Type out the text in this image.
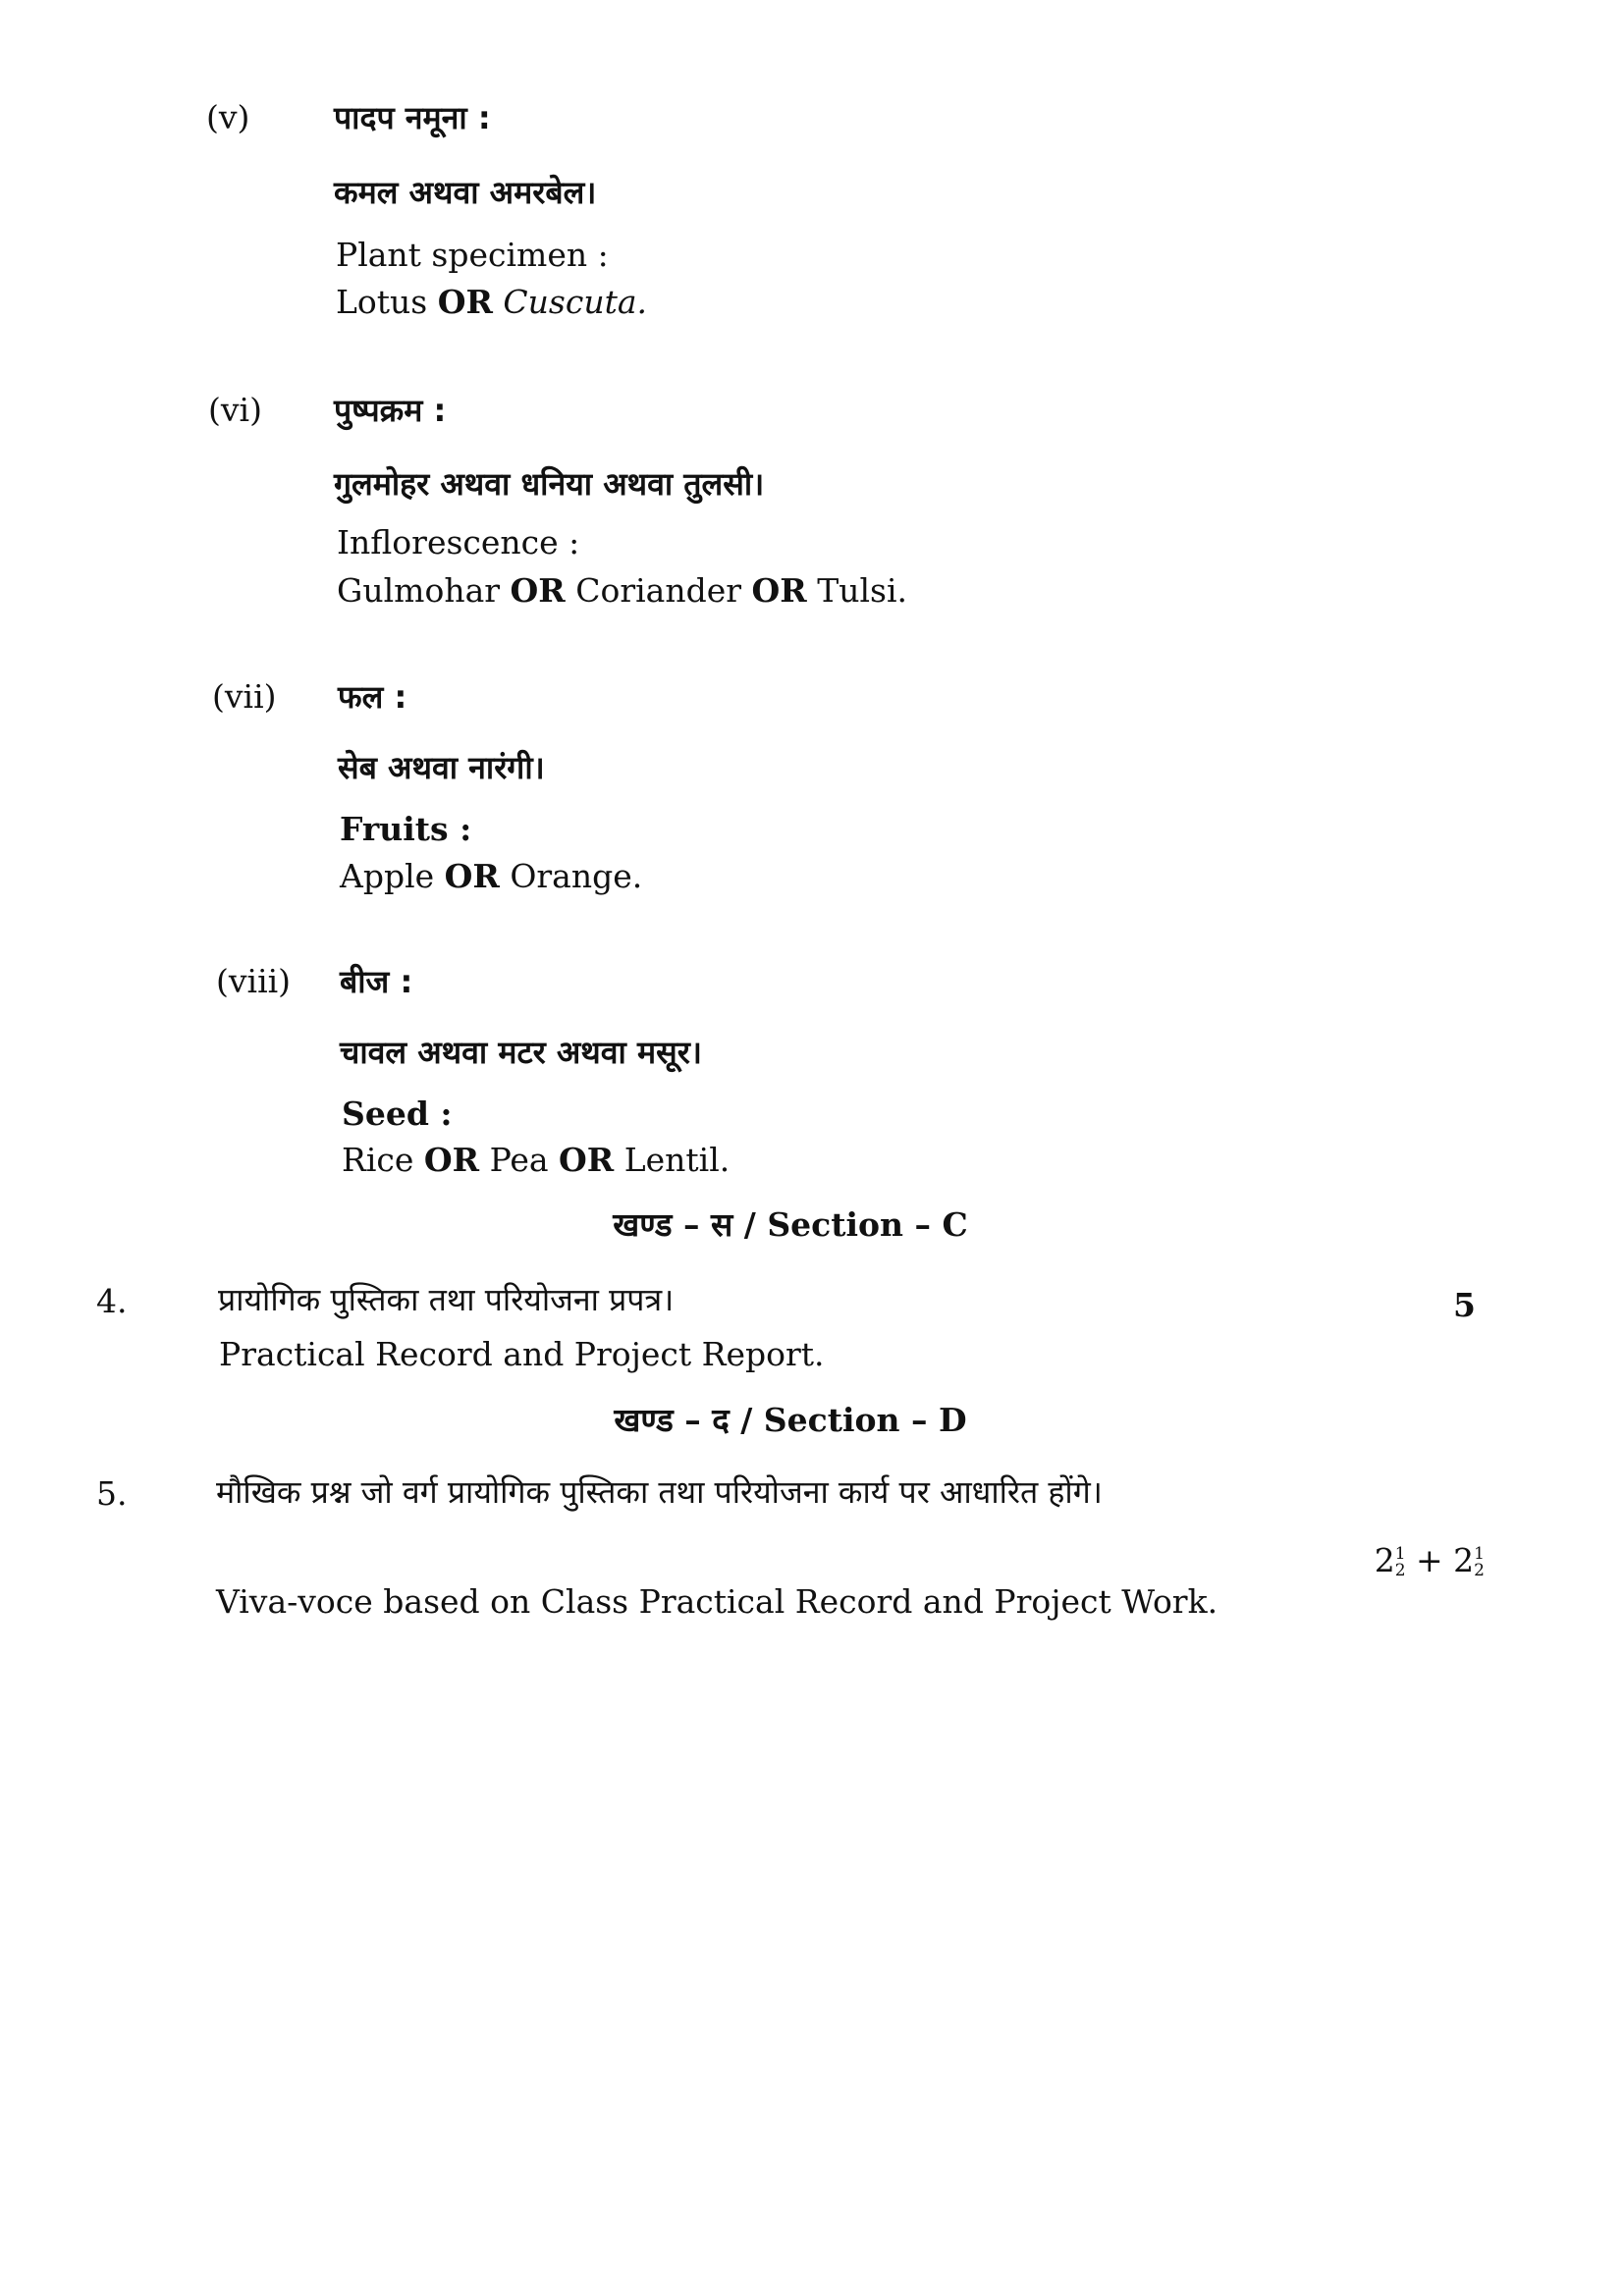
(v)	पादप नमूना :
कमल अथवा अमरबेल।
Plant specimen :
Lotus OR Cuscuta.
(vi) पुष्पक्रम :
गुलमोहर अथवा धनिया अथवा तुलसी।
Inflorescence :
Gulmohar OR Coriander OR Tulsi.
(vii) फल :
सेब अथवा नारंगी।
Fruits :
Apple OR Orange.
(viii) बीज :
चावल अथवा मटर अथवा मसूर।
Seed :
Rice OR Pea OR Lentil.
खण्ड – स / Section – C
4.	प्रायोगिक पुस्तिका तथा परियोजना प्रपत्र।	5
Practical Record and Project Report.
खण्ड – द / Section – D
5.	मौखिक प्रश्न जो वर्ग प्रायोगिक पुस्तिका तथा परियोजना कार्य पर आधारित होंगे।
2 1
2 + 2 1
2
Viva-voce based on Class Practical Record and Project Work.
